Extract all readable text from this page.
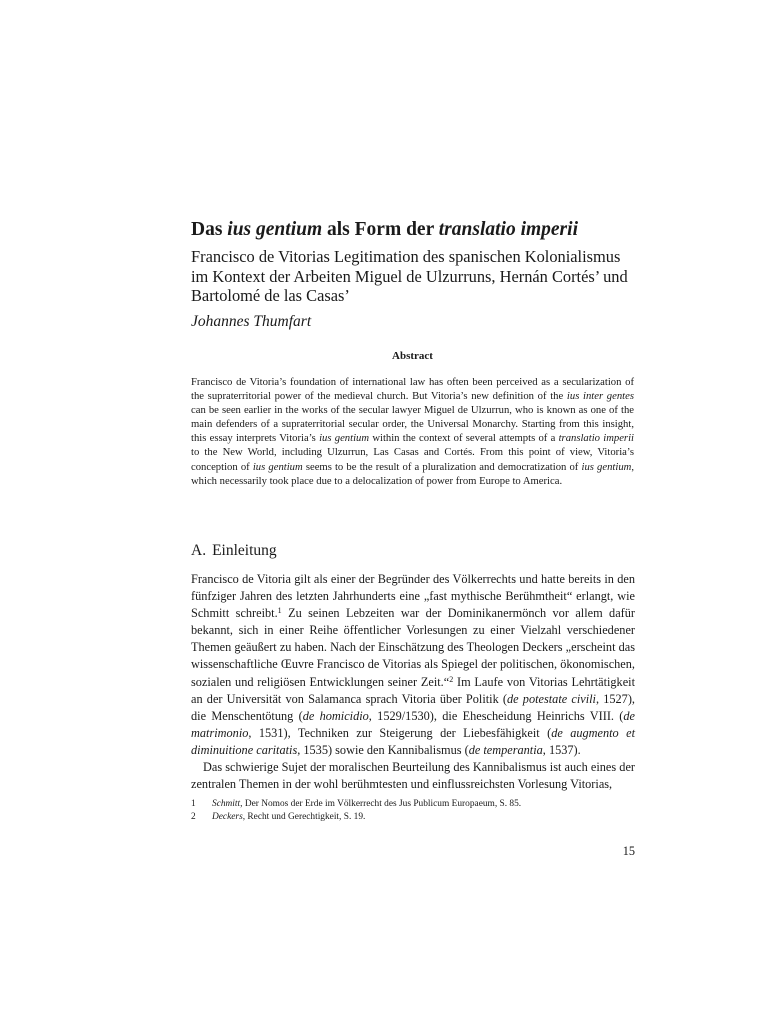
Das ius gentium als Form der translatio imperii

Francisco de Vitorias Legitimation des spanischen Kolonialismus im Kontext der Arbeiten Miguel de Ulzurruns, Hernán Cortés’ und Bartolomé de las Casas’

Johannes Thumfart

Abstract

Francisco de Vitoria’s foundation of international law has often been perceived as a secularization of the supraterritorial power of the medieval church. But Vitoria’s new definition of the ius inter gentes can be seen earlier in the works of the secular lawyer Miguel de Ulzurrun, who is known as one of the main defenders of a supraterritorial secular order, the Universal Monarchy. Starting from this insight, this essay interprets Vitoria’s ius gentium within the context of several attempts of a translatio imperii to the New World, including Ulzurrun, Las Casas and Cortés. From this point of view, Vitoria’s conception of ius gentium seems to be the result of a pluralization and democratization of ius gentium, which necessarily took place due to a delocalization of power from Europe to America.

A. Einleitung

Francisco de Vitoria gilt als einer der Begründer des Völkerrechts und hatte bereits in den fünfziger Jahren des letzten Jahrhunderts eine „fast mythische Berühmtheit“ erlangt, wie Schmitt schreibt.$^1$ Zu seinen Lebzeiten war der Dominikanermönch vor allem dafür bekannt, sich in einer Reihe öffentlicher Vorlesungen zu einer Vielzahl verschiedener Themen geäußert zu haben. Nach der Einschätzung des Theologen Deckers „erscheint das wissenschaftliche Œuvre Francisco de Vitorias als Spiegel der politischen, ökonomischen, sozialen und religiösen Entwicklungen seiner Zeit.“$^2$ Im Laufe von Vitorias Lehrtätigkeit an der Universität von Salamanca sprach Vitoria über Politik (de potestate civili, 1527), die Menschentötung (de homicidio, 1529/1530), die Ehescheidung Heinrichs VIII. (de matrimonio, 1531), Techniken zur Steigerung der Liebesfähigkeit (de augmento et diminuitione caritatis, 1535) sowie den Kannibalismus (de temperantia, 1537).

Das schwierige Sujet der moralischen Beurteilung des Kannibalismus ist auch eines der zentralen Themen in der wohl berühmtesten und einflussreichsten Vorlesung Vitorias,

1	Schmitt, Der Nomos der Erde im Völkerrecht des Jus Publicum Europaeum, S. 85.

2	Deckers, Recht und Gerechtigkeit, S. 19.

15
